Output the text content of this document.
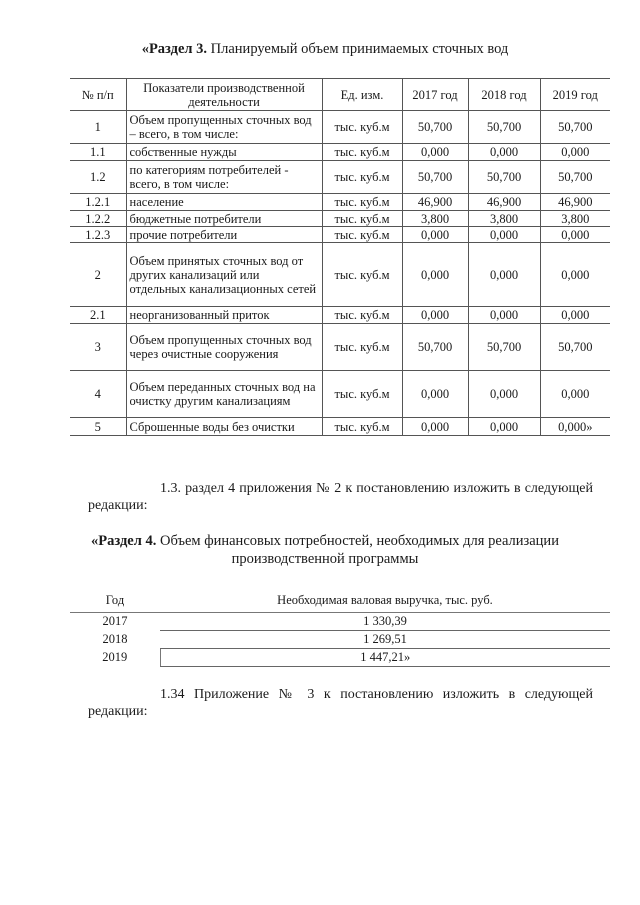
«Раздел 3. Планируемый объем принимаемых сточных вод
№ п/п	Показатели производственной деятельности	Ед. изм.	2017 год	2018 год	2019 год
1	Объем пропущенных сточных вод – всего, в том числе:	тыс. куб.м	50,700	50,700	50,700
1.1	собственные нужды	тыс. куб.м	0,000	0,000	0,000
1.2	по категориям потребителей - всего, в том числе:	тыс. куб.м	50,700	50,700	50,700
1.2.1	население	тыс. куб.м	46,900	46,900	46,900
1.2.2	бюджетные потребители	тыс. куб.м	3,800	3,800	3,800
1.2.3	прочие потребители	тыс. куб.м	0,000	0,000	0,000
2	Объем принятых сточных вод от других канализаций или отдельных канализационных сетей	тыс. куб.м	0,000	0,000	0,000
2.1	неорганизованный приток	тыс. куб.м	0,000	0,000	0,000
3	Объем пропущенных сточных вод через очистные сооружения	тыс. куб.м	50,700	50,700	50,700
4	Объем переданных сточных вод на очистку другим канализациям	тыс. куб.м	0,000	0,000	0,000
5	Сброшенные воды без очистки	тыс. куб.м	0,000	0,000	0,000»
1.3. раздел 4 приложения № 2 к постановлению изложить в следующей редакции:
«Раздел 4. Объем финансовых потребностей, необходимых для реализации производственной программы
Год	Необходимая валовая выручка, тыс. руб.
2017	1 330,39
2018	1 269,51
2019	1 447,21»
1.34 Приложение № 3 к постановлению изложить в следующей редакции:
